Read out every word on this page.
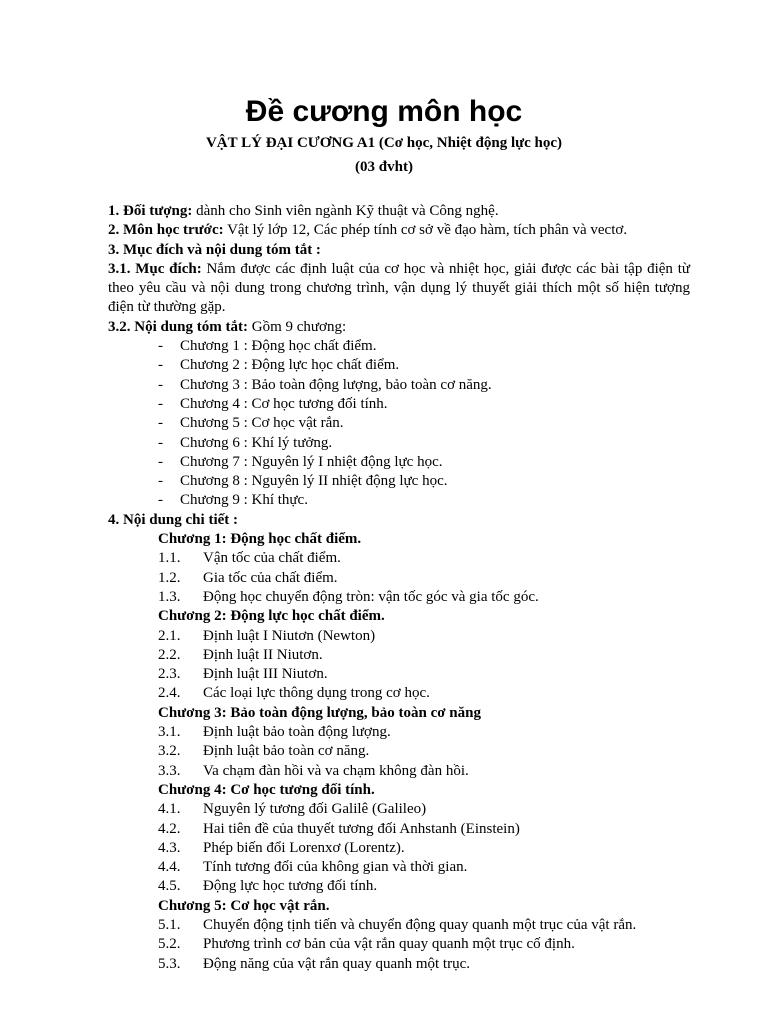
Đề cương môn học
VẬT LÝ ĐẠI CƯƠNG A1 (Cơ học, Nhiệt động lực học)
(03 đvht)

1. Đối tượng: dành cho Sinh viên ngành Kỹ thuật và Công nghệ.

2. Môn học trước: Vật lý lớp 12, Các phép tính cơ sở về đạo hàm, tích phân và vectơ.

3. Mục đích và nội dung tóm tắt :

3.1. Mục đích: Nắm được các định luật của cơ học và nhiệt học, giải được các bài tập điện từ theo yêu cầu và nội dung trong chương trình, vận dụng lý thuyết giải thích một số hiện tượng điện từ thường gặp.

3.2. Nội dung tóm tắt: Gồm 9 chương:

-	Chương 1 : Động học chất điểm.
-	Chương 2 : Động lực học chất điểm.
-	Chương 3 : Bảo toàn động lượng, bảo toàn cơ năng.
-	Chương 4 : Cơ học tương đối tính.
-	Chương 5 : Cơ học vật rắn.
-	Chương 6 : Khí lý tưởng.
-	Chương 7 : Nguyên lý I nhiệt động lực học.
-	Chương 8 : Nguyên lý II nhiệt động lực học.
-	Chương 9 : Khí thực.

4. Nội dung chi tiết :

Chương 1: Động học chất điểm.

1.1.	Vận tốc của chất điểm.
1.2.	Gia tốc của chất điểm.
1.3.	Động học chuyển động tròn: vận tốc góc và gia tốc góc.

Chương 2: Động lực học chất điểm.

2.1.	Định luật I Niutơn (Newton)
2.2.	Định luật II Niutơn.
2.3.	Định luật III Niutơn.
2.4.	Các loại lực thông dụng trong cơ học.

Chương 3: Bảo toàn động lượng, bảo toàn cơ năng

3.1.	Định luật bảo toàn động lượng.
3.2.	Định luật bảo toàn cơ năng.
3.3.	Va chạm đàn hồi và va chạm không đàn hồi.

Chương 4: Cơ học tương đối tính.

4.1.	Nguyên lý tương đối Galilê (Galileo)
4.2.	Hai tiên đề của thuyết tương đối Anhstanh (Einstein)
4.3.	Phép biến đổi Lorenxơ (Lorentz).
4.4.	Tính tương đối của không gian và thời gian.
4.5.	Động lực học tương đối tính.

Chương 5: Cơ học vật rắn.

5.1.	Chuyển động tịnh tiến và chuyển động quay quanh một trục của vật rắn.
5.2.	Phương trình cơ bản của vật rắn quay quanh một trục cố định.
5.3.	Động năng của vật rắn quay quanh một trục.
